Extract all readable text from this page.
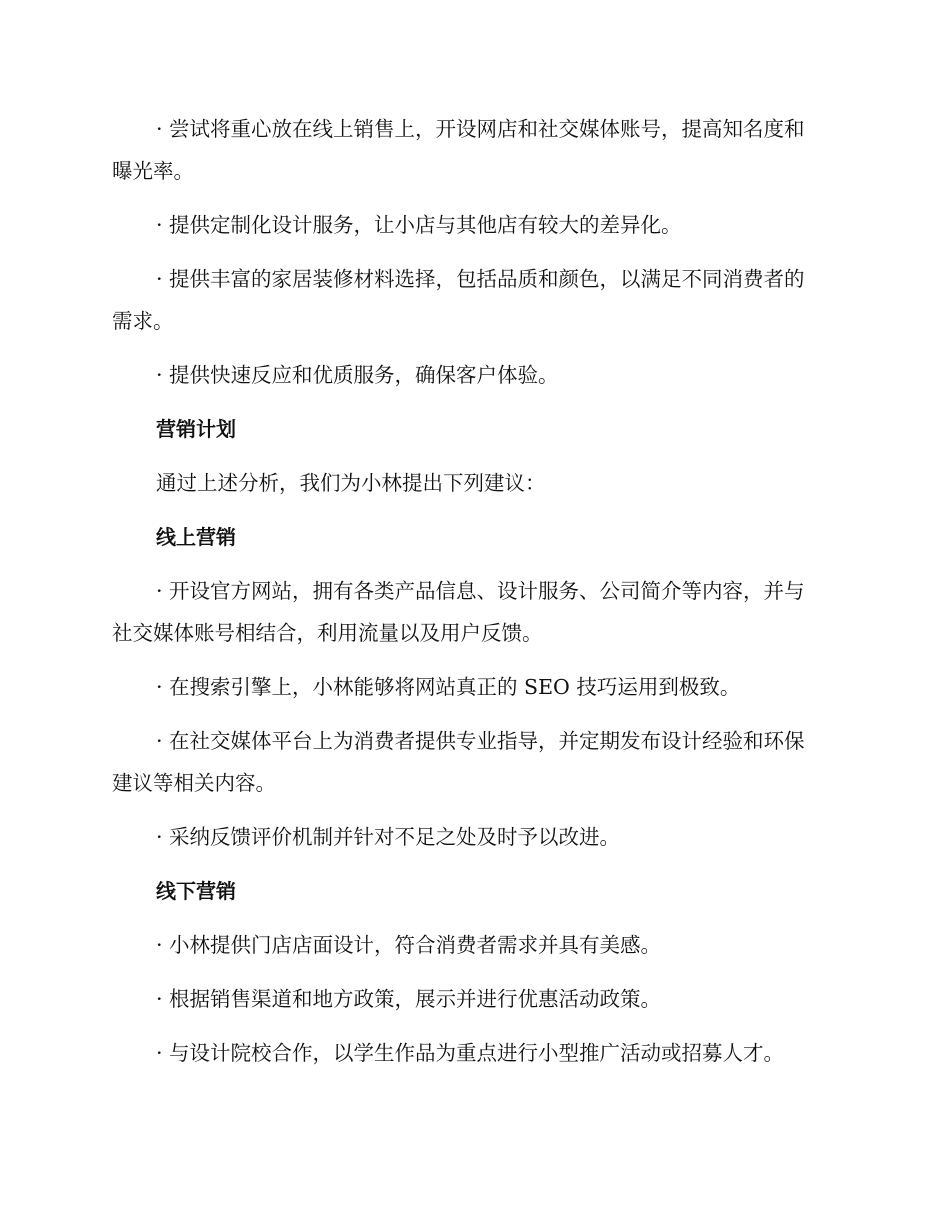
· 尝试将重心放在线上销售上，开设网店和社交媒体账号，提高知名度和曝光率。

· 提供定制化设计服务，让小店与其他店有较大的差异化。

· 提供丰富的家居装修材料选择，包括品质和颜色，以满足不同消费者的需求。

· 提供快速反应和优质服务，确保客户体验。

营销计划

通过上述分析，我们为小林提出下列建议：

线上营销

· 开设官方网站，拥有各类产品信息、设计服务、公司简介等内容，并与社交媒体账号相结合，利用流量以及用户反馈。

· 在搜索引擎上，小林能够将网站真正的 SEO 技巧运用到极致。

· 在社交媒体平台上为消费者提供专业指导，并定期发布设计经验和环保建议等相关内容。

· 采纳反馈评价机制并针对不足之处及时予以改进。

线下营销

· 小林提供门店店面设计，符合消费者需求并具有美感。

· 根据销售渠道和地方政策，展示并进行优惠活动政策。

· 与设计院校合作，以学生作品为重点进行小型推广活动或招募人才。
